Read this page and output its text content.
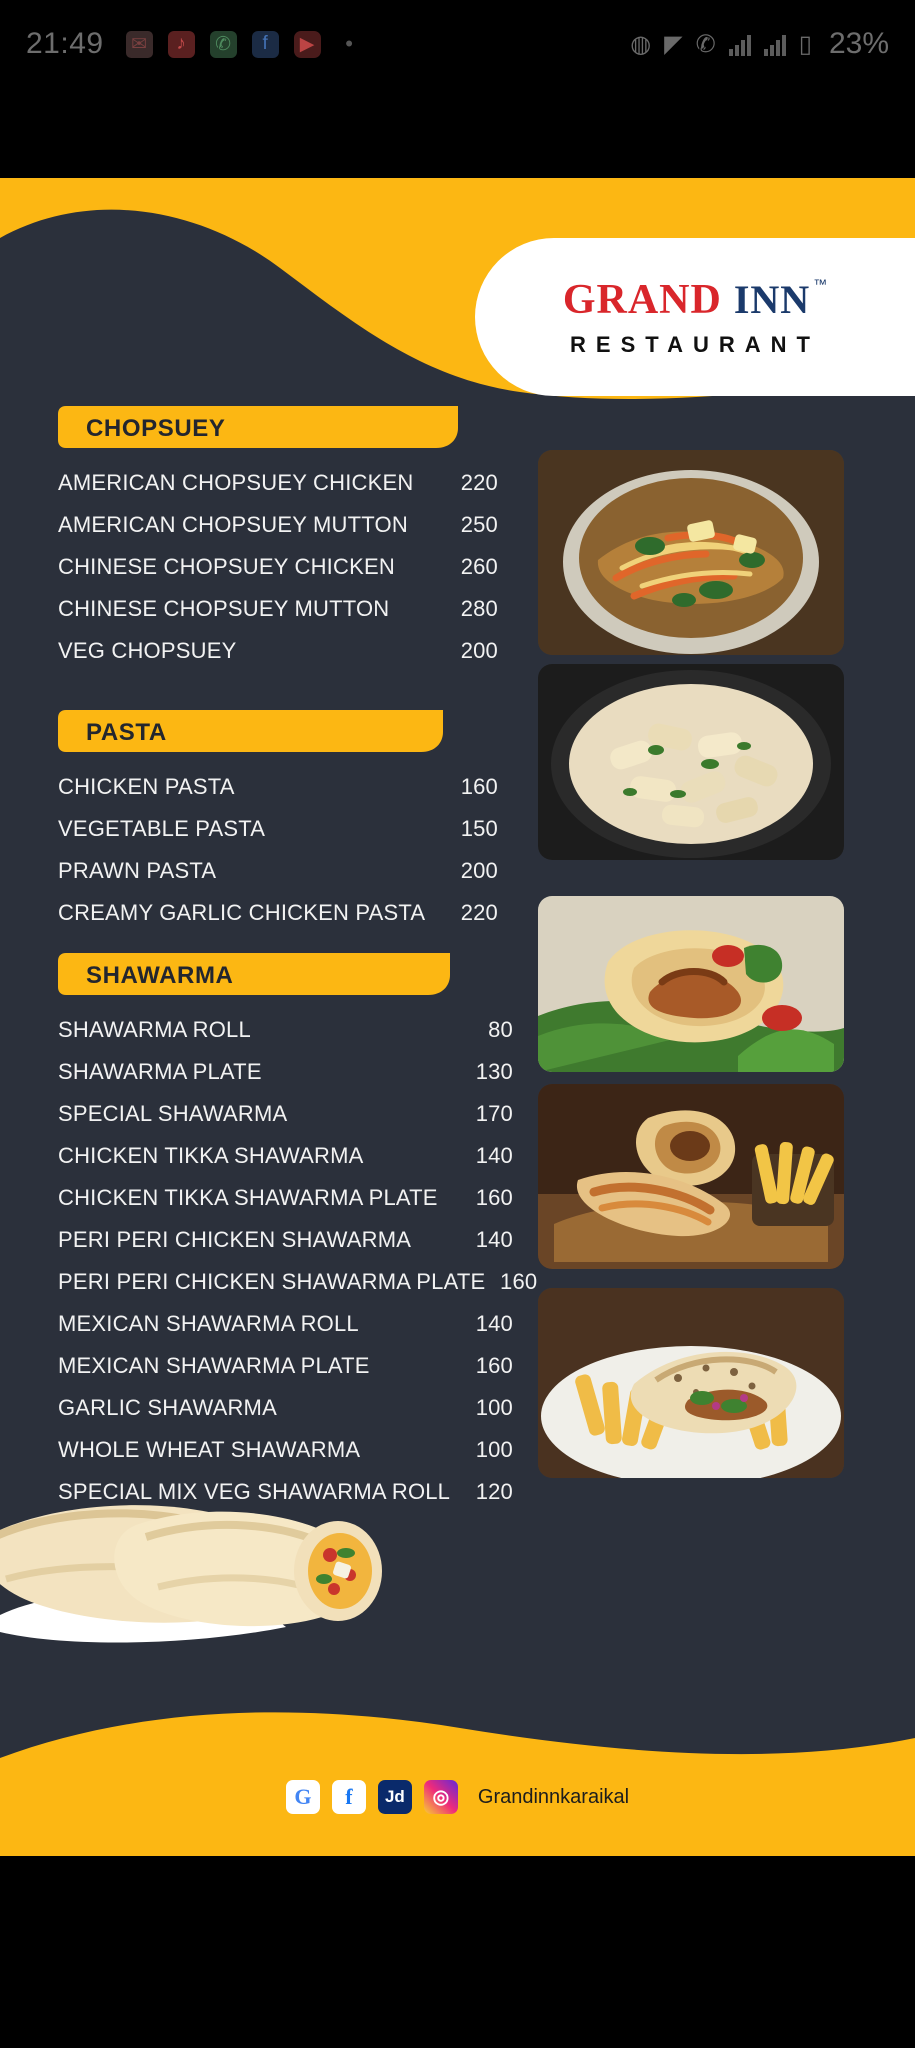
21:49 ✉	♪	✆	f	▶	•	◍ ◤ ✆	▯ 23%
GRAND INN ™
RESTAURANT
CHOPSUEY
AMERICAN CHOPSUEY CHICKEN	220
AMERICAN CHOPSUEY MUTTON	250
CHINESE CHOPSUEY CHICKEN	260
CHINESE CHOPSUEY MUTTON	280
VEG CHOPSUEY	200
PASTA
CHICKEN PASTA	160
VEGETABLE PASTA	150
PRAWN PASTA	200
CREAMY GARLIC CHICKEN PASTA	220
SHAWARMA
SHAWARMA ROLL	80
SHAWARMA PLATE	130
SPECIAL SHAWARMA	170
CHICKEN TIKKA SHAWARMA	140
CHICKEN TIKKA SHAWARMA PLATE	160
PERI PERI CHICKEN SHAWARMA	140
PERI PERI CHICKEN SHAWARMA PLATE 160
MEXICAN SHAWARMA ROLL	140
MEXICAN SHAWARMA PLATE	160
GARLIC SHAWARMA	100
WHOLE WHEAT SHAWARMA	100
SPECIAL MIX VEG SHAWARMA ROLL	120
G	f	Jd	◎	Grandinnkaraikal
